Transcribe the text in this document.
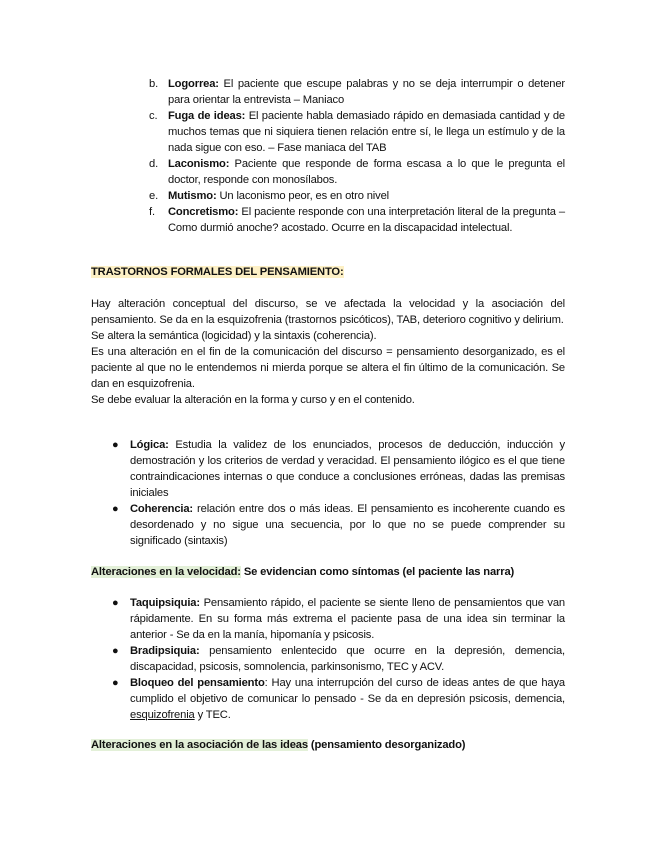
b. Logorrea: El paciente que escupe palabras y no se deja interrumpir o detener para orientar la entrevista – Maniaco
c. Fuga de ideas: El paciente habla demasiado rápido en demasiada cantidad y de muchos temas que ni siquiera tienen relación entre sí, le llega un estímulo y de la nada sigue con eso. – Fase maniaca del TAB
d. Laconismo: Paciente que responde de forma escasa a lo que le pregunta el doctor, responde con monosílabos.
e. Mutismo: Un laconismo peor, es en otro nivel
f. Concretismo: El paciente responde con una interpretación literal de la pregunta – Como durmió anoche? acostado. Ocurre en la discapacidad intelectual.
TRASTORNOS FORMALES DEL PENSAMIENTO:
Hay alteración conceptual del discurso, se ve afectada la velocidad y la asociación del pensamiento. Se da en la esquizofrenia (trastornos psicóticos), TAB, deterioro cognitivo y delirium.
Se altera la semántica (logicidad) y la sintaxis (coherencia).
Es una alteración en el fin de la comunicación del discurso = pensamiento desorganizado, es el paciente al que no le entendemos ni mierda porque se altera el fin último de la comunicación. Se dan en esquizofrenia.
Se debe evaluar la alteración en la forma y curso y en el contenido.
● Lógica: Estudia la validez de los enunciados, procesos de deducción, inducción y demostración y los criterios de verdad y veracidad. El pensamiento ilógico es el que tiene contraindicaciones internas o que conduce a conclusiones erróneas, dadas las premisas iniciales
● Coherencia: relación entre dos o más ideas. El pensamiento es incoherente cuando es desordenado y no sigue una secuencia, por lo que no se puede comprender su significado (sintaxis)
Alteraciones en la velocidad: Se evidencian como síntomas (el paciente las narra)
● Taquipsiquia: Pensamiento rápido, el paciente se siente lleno de pensamientos que van rápidamente. En su forma más extrema el paciente pasa de una idea sin terminar la anterior - Se da en la manía, hipomanía y psicosis.
● Bradipsiquia: pensamiento enlentecido que ocurre en la depresión, demencia, discapacidad, psicosis, somnolencia, parkinsonismo, TEC y ACV.
● Bloqueo del pensamiento: Hay una interrupción del curso de ideas antes de que haya cumplido el objetivo de comunicar lo pensado - Se da en depresión psicosis, demencia, esquizofrenia y TEC.
Alteraciones en la asociación de las ideas (pensamiento desorganizado)
